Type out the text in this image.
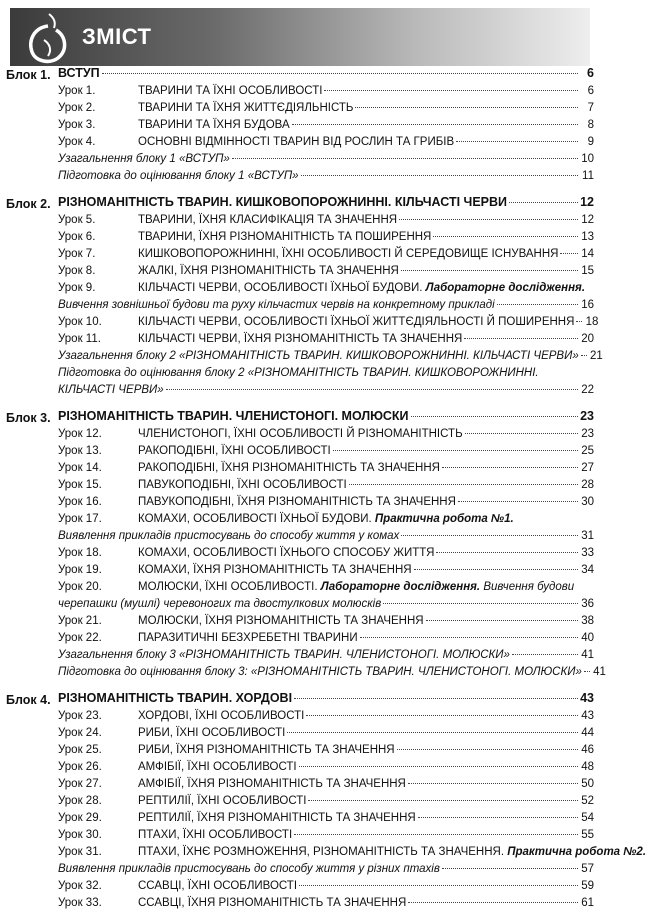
ЗМІСТ
Блок 1. ВСТУП	6
Урок 1.	ТВАРИНИ ТА ЇХНІ ОСОБЛИВОСТІ	6
Урок 2.	ТВАРИНИ ТА ЇХНЯ ЖИТТЄДІЯЛЬНІСТЬ	7
Урок 3.	ТВАРИНИ ТА ЇХНЯ БУДОВА	8
Урок 4.	ОСНОВНІ ВІДМІННОСТІ ТВАРИН ВІД РОСЛИН ТА ГРИБІВ	9
Узагальнення блоку 1 «ВСТУП»	10
Підготовка до оцінювання блоку 1 «ВСТУП»	11
Блок 2. РІЗНОМАНІТНІСТЬ ТВАРИН. КИШКОВОПОРОЖНИННІ. КІЛЬЧАСТІ ЧЕРВИ	12
Урок 5.	ТВАРИНИ, ЇХНЯ КЛАСИФІКАЦІЯ ТА ЗНАЧЕННЯ	12
Урок 6.	ТВАРИНИ, ЇХНЯ РІЗНОМАНІТНІСТЬ ТА ПОШИРЕННЯ	13
Урок 7.	КИШКОВОПОРОЖНИННІ, ЇХНІ ОСОБЛИВОСТІ Й СЕРЕДОВИЩЕ ІСНУВАННЯ 14
Урок 8.	ЖАЛКІ, ЇХНЯ РІЗНОМАНІТНІСТЬ ТА ЗНАЧЕННЯ	15
Урок 9.	КІЛЬЧАСТІ ЧЕРВИ, ОСОБЛИВОСТІ ЇХНЬОЇ БУДОВИ.
Лабораторне дослідження.
Вивчення зовнішньої будови та руху кільчастих червів на конкретному прикладі	16
Урок 10.	КІЛЬЧАСТІ ЧЕРВИ, ОСОБЛИВОСТІ ЇХНЬОЇ ЖИТТЄДІЯЛЬНОСТІ Й ПОШИРЕННЯ 18
Урок 11.	КІЛЬЧАСТІ ЧЕРВИ, ЇХНЯ РІЗНОМАНІТНІСТЬ ТА ЗНАЧЕННЯ	20
Узагальнення блоку 2 «РІЗНОМАНІТНІСТЬ ТВАРИН. КИШКОВОРОЖНИННІ. КІЛЬЧАСТІ ЧЕРВИ» 21
Підготовка до оцінювання блоку 2 «РІЗНОМАНІТНІСТЬ ТВАРИН. КИШКОВОРОЖНИННІ.
КІЛЬЧАСТІ ЧЕРВИ»	22
Блок 3. РІЗНОМАНІТНІСТЬ ТВАРИН. ЧЛЕНИСТОНОГІ. МОЛЮСКИ	23
Урок 12.	ЧЛЕНИСТОНОГІ, ЇХНІ ОСОБЛИВОСТІ Й РІЗНОМАНІТНІСТЬ	23
Урок 13.	РАКОПОДІБНІ, ЇХНІ ОСОБЛИВОСТІ	25
Урок 14.	РАКОПОДІБНІ, ЇХНЯ РІЗНОМАНІТНІСТЬ ТА ЗНАЧЕННЯ	27
Урок 15.	ПАВУКОПОДІБНІ, ЇХНІ ОСОБЛИВОСТІ	28
Урок 16.	ПАВУКОПОДІБНІ, ЇХНЯ РІЗНОМАНІТНІСТЬ ТА ЗНАЧЕННЯ	30
Урок 17.	КОМАХИ, ОСОБЛИВОСТІ ЇХНЬОЇ БУДОВИ.
Практична робота №1.
Виявлення прикладів пристосувань до способу життя у комах	31
Урок 18.	КОМАХИ, ОСОБЛИВОСТІ ЇХНЬОГО СПОСОБУ ЖИТТЯ	33
Урок 19.	КОМАХИ, ЇХНЯ РІЗНОМАНІТНІСТЬ ТА ЗНАЧЕННЯ	34
Урок 20.	МОЛЮСКИ, ЇХНІ ОСОБЛИВОСТІ.
Лабораторне дослідження.
Вивчення будови
черепашки (мушлі) черевоногих та двостулкових молюсків	36
Урок 21.	МОЛЮСКИ, ЇХНЯ РІЗНОМАНІТНІСТЬ ТА ЗНАЧЕННЯ	38
Урок 22.	ПАРАЗИТИЧНІ БЕЗХРЕБЕТНІ ТВАРИНИ	40
Узагальнення блоку 3 «РІЗНОМАНІТНІСТЬ ТВАРИН. ЧЛЕНИСТОНОГІ. МОЛЮСКИ»	41
Підготовка до оцінювання блоку 3: «РІЗНОМАНІТНІСТЬ ТВАРИН. ЧЛЕНИСТОНОГІ. МОЛЮСКИ» 41
Блок 4. РІЗНОМАНІТНІСТЬ ТВАРИН. ХОРДОВІ	43
Урок 23.	ХОРДОВІ, ЇХНІ ОСОБЛИВОСТІ	43
Урок 24.	РИБИ, ЇХНІ ОСОБЛИВОСТІ	44
Урок 25.	РИБИ, ЇХНЯ РІЗНОМАНІТНІСТЬ ТА ЗНАЧЕННЯ	46
Урок 26.	АМФІБІЇ, ЇХНІ ОСОБЛИВОСТІ	48
Урок 27.	АМФІБІЇ, ЇХНЯ РІЗНОМАНІТНІСТЬ ТА ЗНАЧЕННЯ	50
Урок 28.	РЕПТИЛІЇ, ЇХНІ ОСОБЛИВОСТІ	52
Урок 29.	РЕПТИЛІЇ, ЇХНЯ РІЗНОМАНІТНІСТЬ ТА ЗНАЧЕННЯ	54
Урок 30.	ПТАХИ, ЇХНІ ОСОБЛИВОСТІ	55
Урок 31.	ПТАХИ, ЇХНЄ РОЗМНОЖЕННЯ, РІЗНОМАНІТНІСТЬ ТА ЗНАЧЕННЯ.
Практична робота №2.
Виявлення прикладів пристосувань до способу життя у різних птахів	57
Урок 32.	ССАВЦІ, ЇХНІ ОСОБЛИВОСТІ	59
Урок 33.	ССАВЦІ, ЇХНЯ РІЗНОМАНІТНІСТЬ ТА ЗНАЧЕННЯ	61
